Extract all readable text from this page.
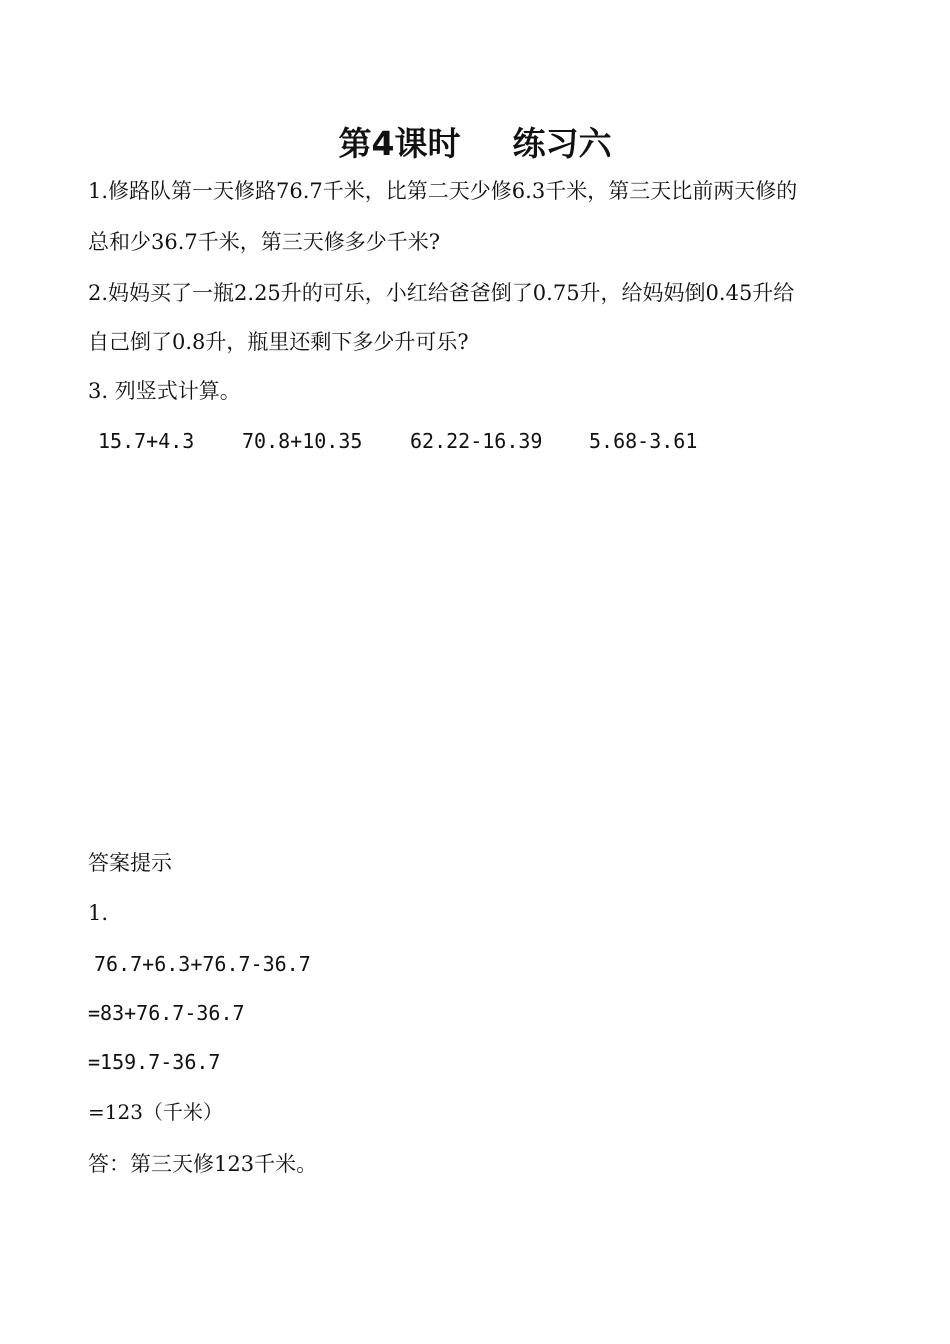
第4课时 练习六

1.修路队第一天修路76.7千米，比第二天少修6.3千米，第三天比前两天修的

总和少36.7千米，第三天修多少千米?

2.妈妈买了一瓶2.25升的可乐，小红给爸爸倒了0.75升，给妈妈倒0.45升给

自己倒了0.8升，瓶里还剩下多少升可乐?

3. 列竖式计算。

15.7+4.3 70.8+10.35 62.22-16.39 5.68-3.61

答案提示

1.

76.7+6.3+76.7-36.7

=83+76.7-36.7

=159.7-36.7

=123（千米）

答：第三天修123千米。
